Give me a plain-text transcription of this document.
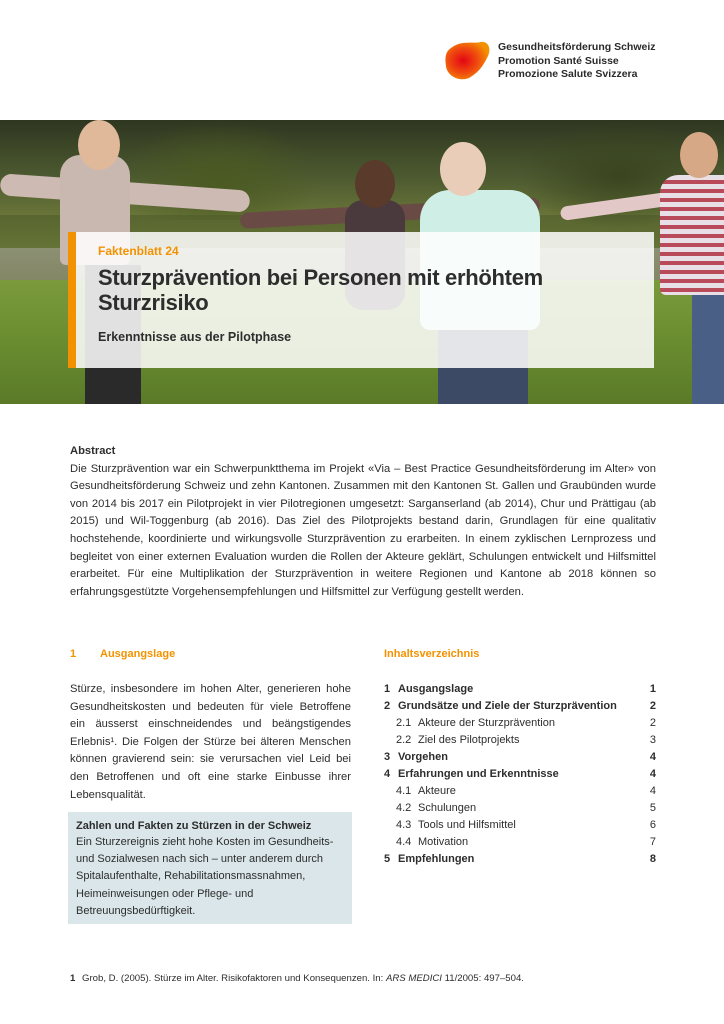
Gesundheitsförderung Schweiz
Promotion Santé Suisse
Promozione Salute Svizzera
Faktenblatt 24
Sturzprävention bei Personen mit erhöhtem Sturzrisiko
Erkenntnisse aus der Pilotphase
Abstract

Die Sturzprävention war ein Schwerpunktthema im Projekt «Via – Best Practice Gesundheitsförderung im Alter» von Gesundheitsförderung Schweiz und zehn Kantonen. Zusammen mit den Kantonen St. Gallen und Graubünden wurde von 2014 bis 2017 ein Pilotprojekt in vier Pilotregionen umgesetzt: Sarganserland (ab 2014), Chur und Prättigau (ab 2015) und Wil-Toggenburg (ab 2016). Das Ziel des Pilotprojekts bestand darin, Grundlagen für eine qualitativ hochstehende, koordinierte und wirkungsvolle Sturzprävention zu erarbeiten. In einem zyklischen Lernprozess und begleitet von einer externen Evaluation wurden die Rollen der Akteure geklärt, Schulungen entwickelt und Hilfsmittel erarbeitet. Für eine Multiplikation der Sturzprävention in weitere Regionen und Kantone ab 2018 können so erfahrungsgestützte Vorgehensempfehlungen und Hilfsmittel zur Verfügung gestellt werden.

1 Ausgangslage
Stürze, insbesondere im hohen Alter, generieren hohe Gesundheitskosten und bedeuten für viele Betroffene ein äusserst einschneidendes und beängstigendes Erlebnis¹. Die Folgen der Stürze bei älteren Menschen können gravierend sein: sie verursachen viel Leid bei den Betroffenen und oft eine starke Einbusse ihrer Lebensqualität.
Zahlen und Fakten zu Stürzen in der Schweiz

Ein Sturzereignis zieht hohe Kosten im Gesundheits- und Sozialwesen nach sich – unter anderem durch Spitalaufenthalte, Rehabilitationsmassnahmen, Heimeinweisungen oder Pflege- und Betreuungsbedürftigkeit.

Inhaltsverzeichnis
1 Ausgangslage	1
2 Grundsätze und Ziele der Sturzprävention	2
2.1 Akteure der Sturzprävention	2
2.2 Ziel des Pilotprojekts	3
3 Vorgehen	4
4 Erfahrungen und Erkenntnisse	4
4.1 Akteure	4
4.2 Schulungen	5
4.3 Tools und Hilfsmittel	6
4.4 Motivation	7
5 Empfehlungen	8
1 Grob, D. (2005). Stürze im Alter. Risikofaktoren und Konsequenzen. In: ARS MEDICI 11/2005: 497–504.
